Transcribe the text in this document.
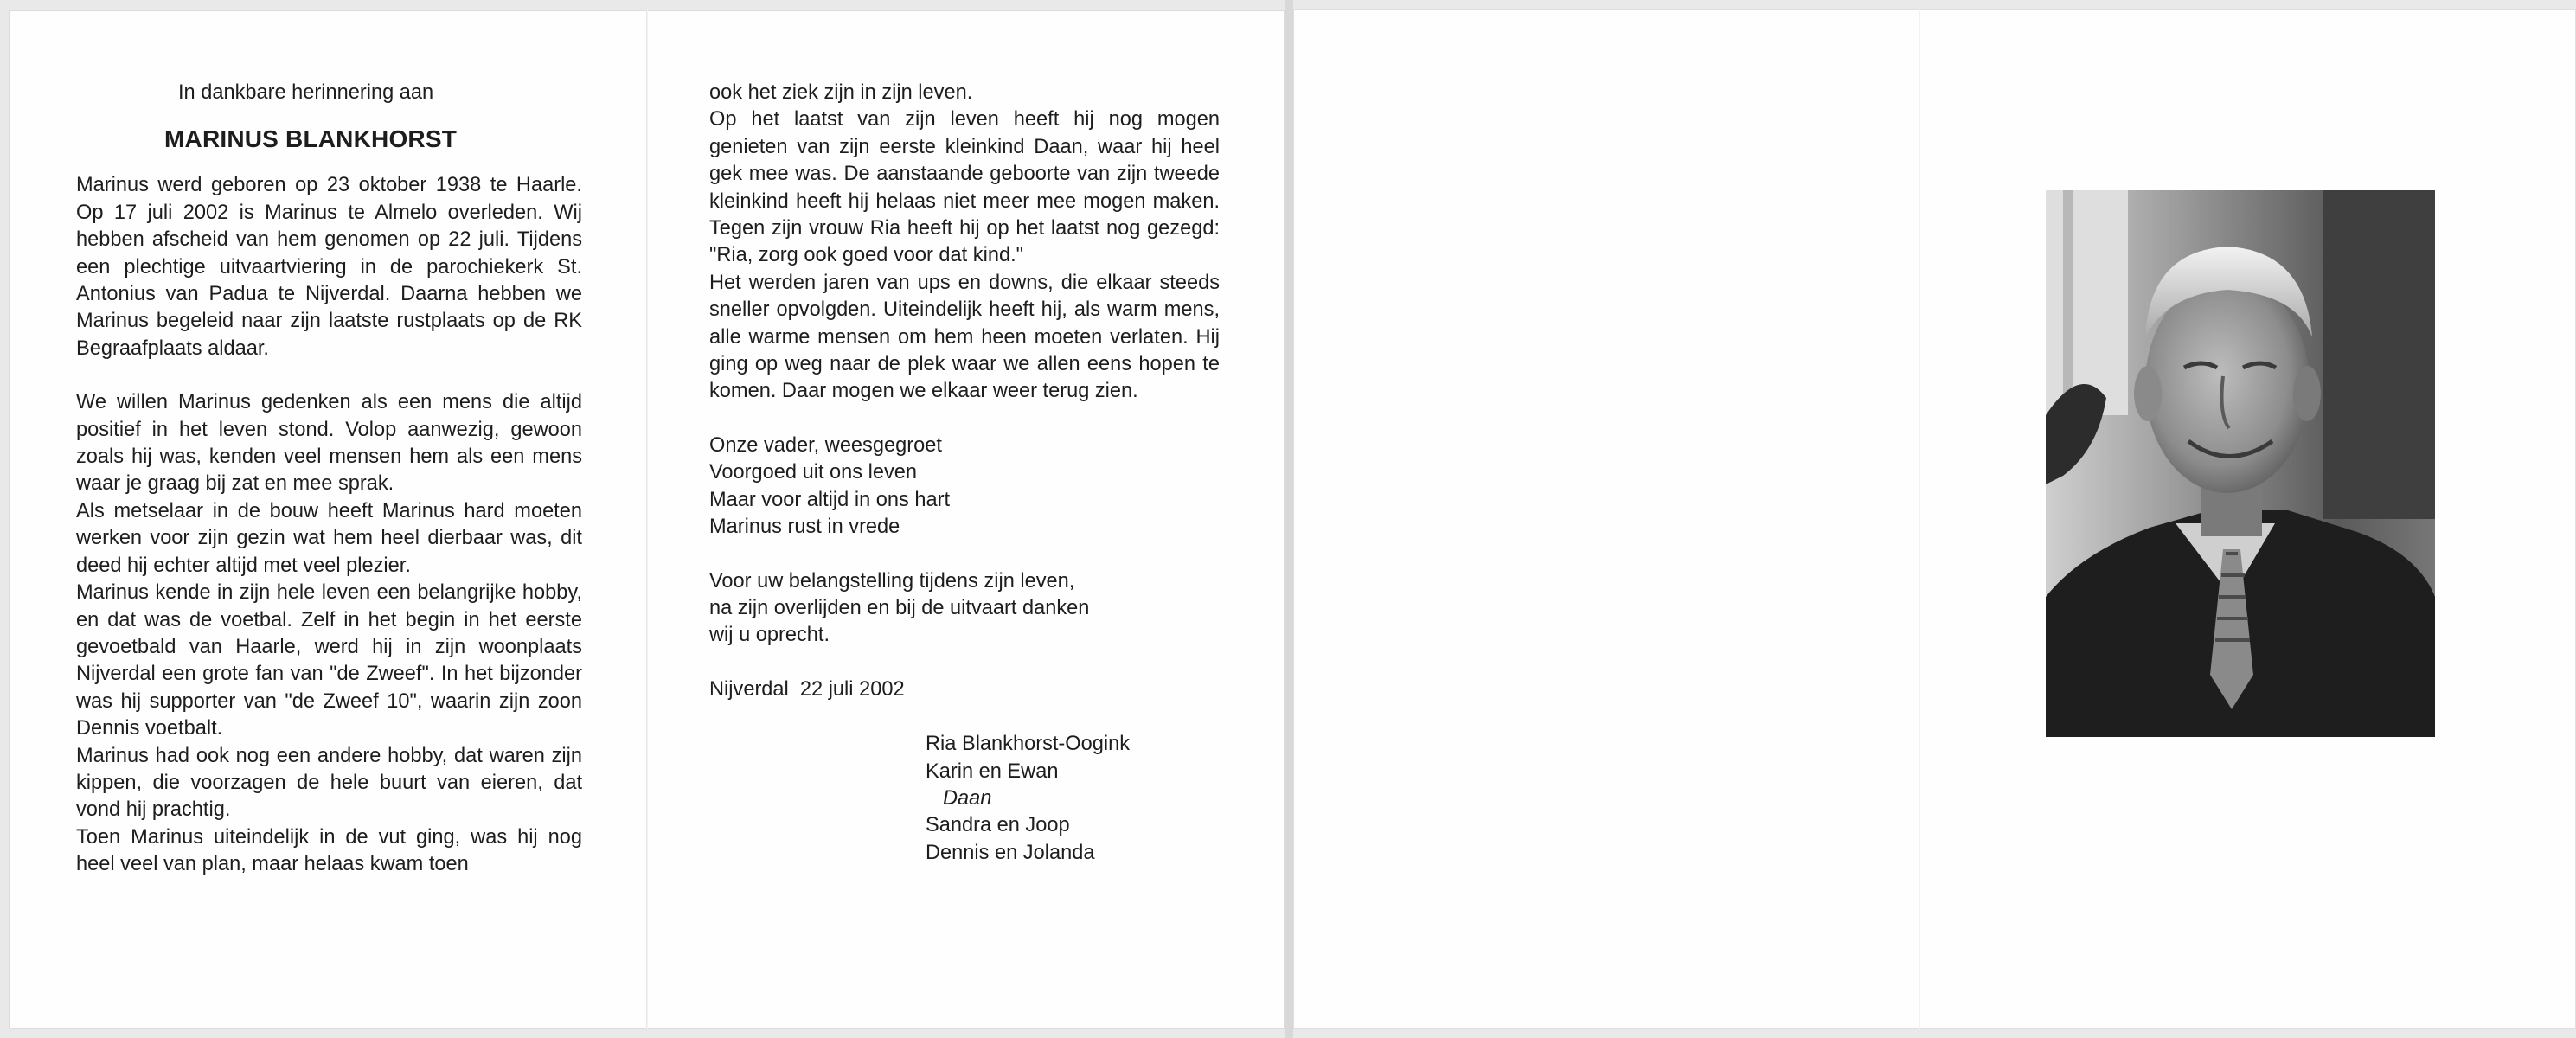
In dankbare herinnering aan

MARINUS BLANKHORST

Marinus werd geboren op 23 oktober 1938 te Haarle. Op 17 juli 2002 is Marinus te Almelo overleden. Wij hebben afscheid van hem genomen op 22 juli. Tijdens een plechtige uitvaartviering in de parochiekerk St. Antonius van Padua te Nijverdal. Daarna hebben we Marinus begeleid naar zijn laatste rustplaats op de RK Begraafplaats aldaar.

We willen Marinus gedenken als een mens die altijd positief in het leven stond. Volop aanwezig, gewoon zoals hij was, kenden veel mensen hem als een mens waar je graag bij zat en mee sprak.

Als metselaar in de bouw heeft Marinus hard moeten werken voor zijn gezin wat hem heel dierbaar was, dit deed hij echter altijd met veel plezier.

Marinus kende in zijn hele leven een belangrijke hobby, en dat was de voetbal. Zelf in het begin in het eerste gevoetbald van Haarle, werd hij in zijn woonplaats Nijverdal een grote fan van "de Zweef". In het bijzonder was hij supporter van "de Zweef 10", waarin zijn zoon Dennis voetbalt.

Marinus had ook nog een andere hobby, dat waren zijn kippen, die voorzagen de hele buurt van eieren, dat vond hij prachtig.

Toen Marinus uiteindelijk in de vut ging, was hij nog heel veel van plan, maar helaas kwam toen

ook het ziek zijn in zijn leven.

Op het laatst van zijn leven heeft hij nog mogen genieten van zijn eerste kleinkind Daan, waar hij heel gek mee was. De aanstaande geboorte van zijn tweede kleinkind heeft hij helaas niet meer mee mogen maken. Tegen zijn vrouw Ria heeft hij op het laatst nog gezegd: "Ria, zorg ook goed voor dat kind."

Het werden jaren van ups en downs, die elkaar steeds sneller opvolgden. Uiteindelijk heeft hij, als warm mens, alle warme mensen om hem heen moeten verlaten. Hij ging op weg naar de plek waar we allen eens hopen te komen. Daar mogen we elkaar weer terug zien.

Onze vader, weesgegroet

Voorgoed uit ons leven

Maar voor altijd in ons hart

Marinus rust in vrede

Voor uw belangstelling tijdens zijn leven,

na zijn overlijden en bij de uitvaart danken

wij u oprecht.

Nijverdal  22 juli 2002

Ria Blankhorst-Oogink

Karin en Ewan

Daan

Sandra en Joop

Dennis en Jolanda
